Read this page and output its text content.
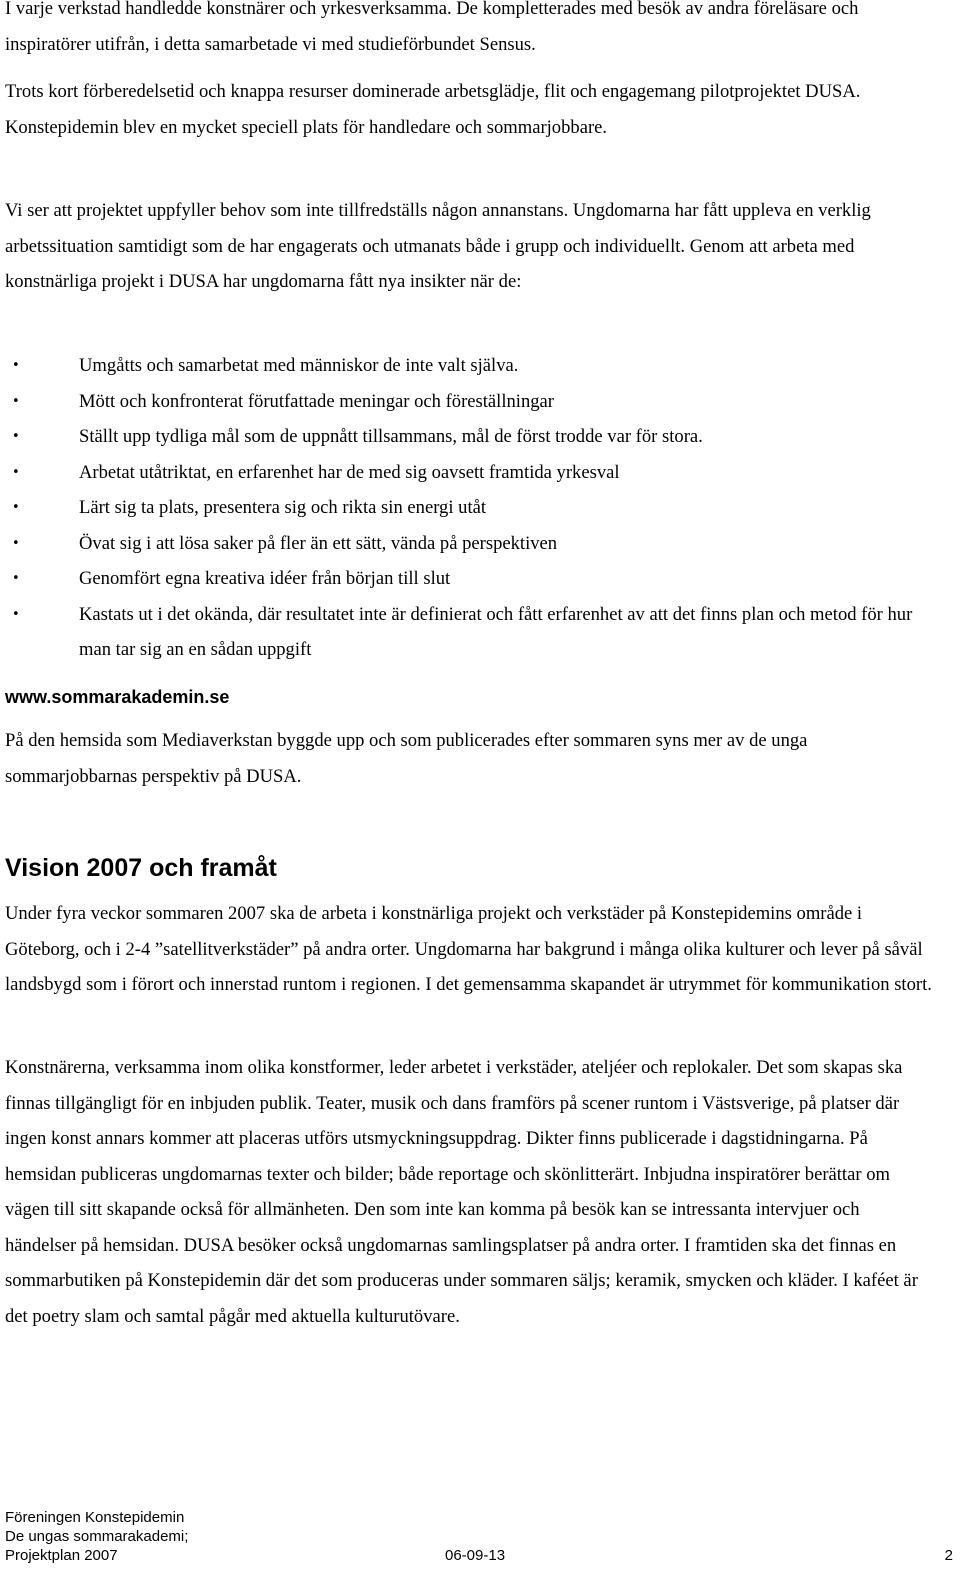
I varje verkstad handledde konstnärer och yrkesverksamma. De kompletterades med besök av andra föreläsare och inspiratörer utifrån, i detta samarbetade vi med studieförbundet Sensus.

Trots kort förberedelsetid och knappa resurser dominerade arbetsglädje, flit och engagemang pilotprojektet DUSA. Konstepidemin blev en mycket speciell plats för handledare och sommarjobbare.

Vi ser att projektet uppfyller behov som inte tillfredställs någon annanstans. Ungdomarna har fått uppleva en verklig arbetssituation samtidigt som de har engagerats och utmanats både i grupp och individuellt. Genom att arbeta med konstnärliga projekt i DUSA har ungdomarna fått nya insikter när de:

•	Umgåtts och samarbetat med människor de inte valt själva.
•	Mött och konfronterat förutfattade meningar och föreställningar
•	Ställt upp tydliga mål som de uppnått tillsammans, mål de först trodde var för stora.
•	Arbetat utåtriktat, en erfarenhet har de med sig oavsett framtida yrkesval
•	Lärt sig ta plats, presentera sig och rikta sin energi utåt
•	Övat sig i att lösa saker på fler än ett sätt, vända på perspektiven
•	Genomfört egna kreativa idéer från början till slut
•	Kastats ut i det okända, där resultatet inte är definierat och fått erfarenhet av att det finns plan och metod för hur man tar sig an en sådan uppgift
www.sommarakademin.se

På den hemsida som Mediaverkstan byggde upp och som publicerades efter sommaren syns mer av de unga sommarjobbarnas perspektiv på DUSA.

Vision 2007 och framåt

Under fyra veckor sommaren 2007 ska de arbeta i konstnärliga projekt och verkstäder på Konstepidemins område i Göteborg, och i 2-4 ”satellitverkstäder” på andra orter. Ungdomarna har bakgrund i många olika kulturer och lever på såväl landsbygd som i förort och innerstad runtom i regionen. I det gemensamma skapandet är utrymmet för kommunikation stort.

Konstnärerna, verksamma inom olika konstformer, leder arbetet i verkstäder, ateljéer och replokaler. Det som skapas ska finnas tillgängligt för en inbjuden publik. Teater, musik och dans framförs på scener runtom i Västsverige, på platser där ingen konst annars kommer att placeras utförs utsmyckningsuppdrag. Dikter finns publicerade i dagstidningarna. På hemsidan publiceras ungdomarnas texter och bilder; både reportage och skönlitterärt. Inbjudna inspiratörer berättar om vägen till sitt skapande också för allmänheten. Den som inte kan komma på besök kan se intressanta intervjuer och händelser på hemsidan. DUSA besöker också ungdomarnas samlingsplatser på andra orter. I framtiden ska det finnas en sommarbutiken på Konstepidemin där det som produceras under sommaren säljs; keramik, smycken och kläder. I kaféet är det poetry slam och samtal pågår med aktuella kulturutövare.

Föreningen Konstepidemin
De ungas sommarakademi;
Projektplan 2007	06-09-13	2
